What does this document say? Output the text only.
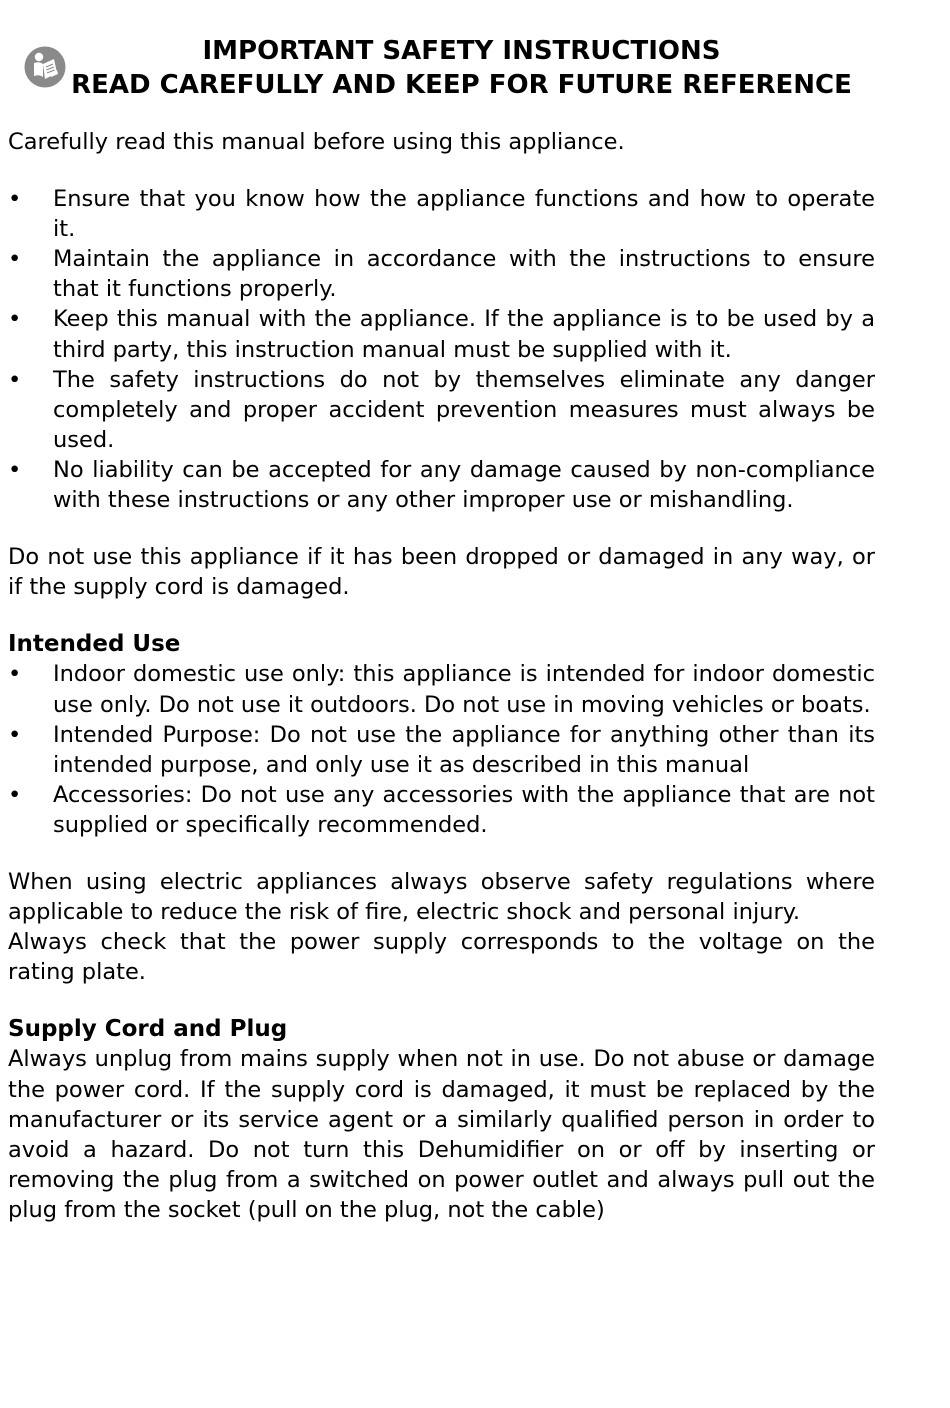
IMPORTANT SAFETY INSTRUCTIONS
READ CAREFULLY AND KEEP FOR FUTURE REFERENCE

Carefully read this manual before using this appliance.

• Ensure that you know how the appliance functions and how to operate it.
• Maintain the appliance in accordance with the instructions to ensure that it functions properly.
• Keep this manual with the appliance. If the appliance is to be used by a third party, this instruction manual must be supplied with it.
• The safety instructions do not by themselves eliminate any danger completely and proper accident prevention measures must always be used.
• No liability can be accepted for any damage caused by non-compliance with these instructions or any other improper use or mishandling.

Do not use this appliance if it has been dropped or damaged in any way, or if the supply cord is damaged.

Intended Use

• Indoor domestic use only: this appliance is intended for indoor domestic use only. Do not use it outdoors. Do not use in moving vehicles or boats.
• Intended Purpose: Do not use the appliance for anything other than its intended purpose, and only use it as described in this manual
• Accessories: Do not use any accessories with the appliance that are not supplied or specifically recommended.

When using electric appliances always observe safety regulations where applicable to reduce the risk of fire, electric shock and personal injury.

Always check that the power supply corresponds to the voltage on the rating plate.

Supply Cord and Plug

Always unplug from mains supply when not in use. Do not abuse or damage the power cord. If the supply cord is damaged, it must be replaced by the manufacturer or its service agent or a similarly qualified person in order to avoid a hazard. Do not turn this Dehumidifier on or off by inserting or removing the plug from a switched on power outlet and always pull out the plug from the socket (pull on the plug, not the cable)
